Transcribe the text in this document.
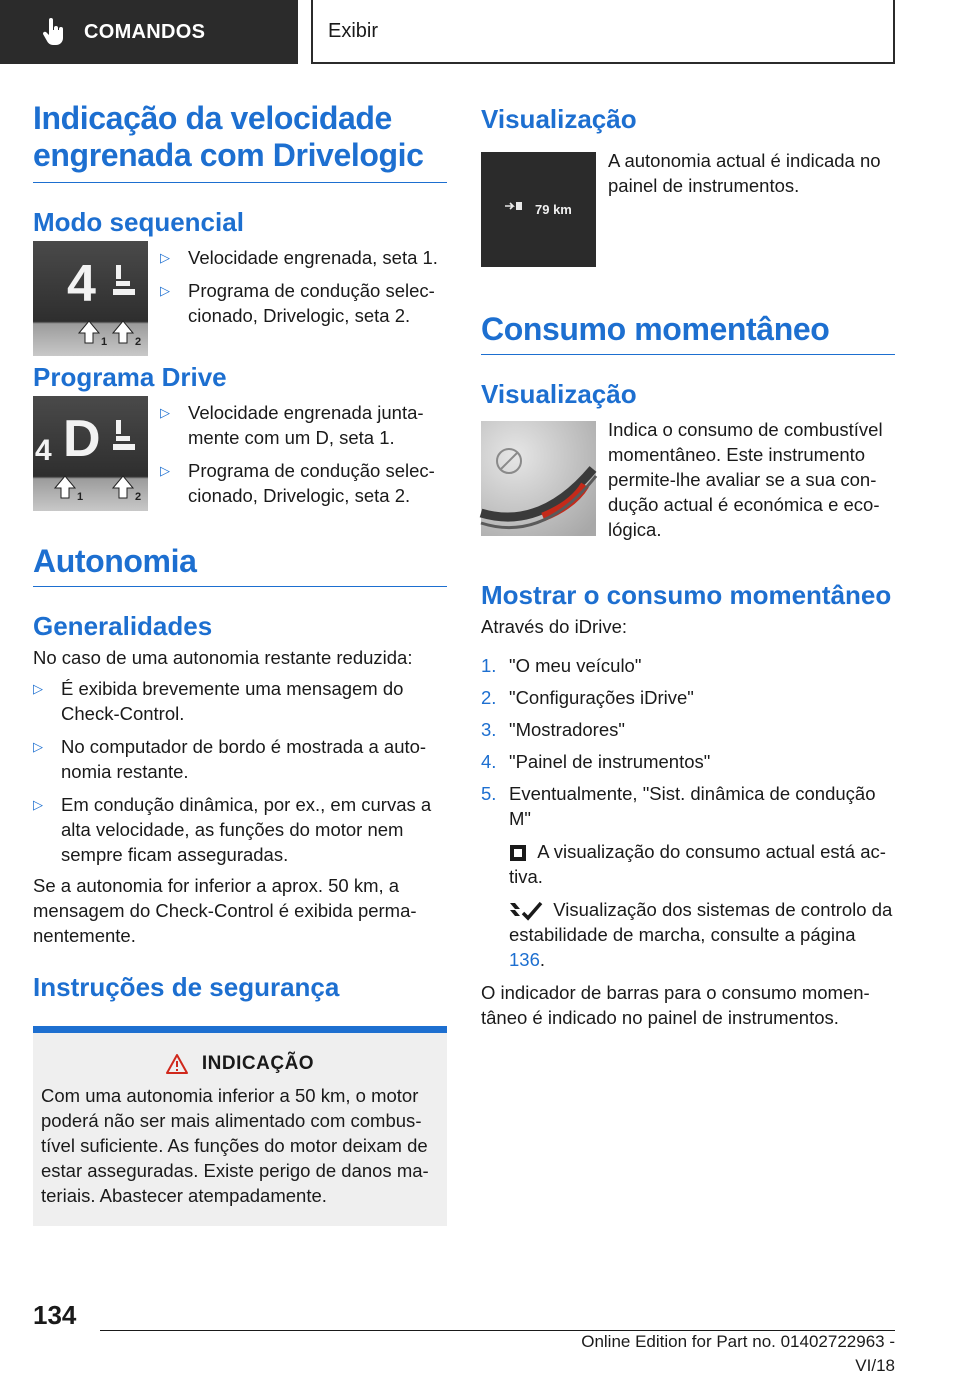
COMANDOS	Exibir
Indicação da velocidade engrenada com Drivelogic
Modo sequencial
4
1	2
▷ Velocidade engrenada, seta 1.
▷ Programa de condução seleccionado, Drivelogic, seta 2.
Programa Drive
4 D
1	2
▷ Velocidade engrenada juntamente com um D, seta 1.
▷ Programa de condução seleccionado, Drivelogic, seta 2.
Autonomia
Generalidades
No caso de uma autonomia restante reduzida:
▷ É exibida brevemente uma mensagem do Check-Control.
▷ No computador de bordo é mostrada a autonomia restante.
▷ Em condução dinâmica, por ex., em curvas a alta velocidade, as funções do motor nem sempre ficam asseguradas.
Se a autonomia for inferior a aprox. 50 km, a mensagem do Check-Control é exibida permanentemente.
Instruções de segurança
INDICAÇÃO
Com uma autonomia inferior a 50 km, o motor poderá não ser mais alimentado com combustível suficiente. As funções do motor deixam de estar asseguradas. Existe perigo de danos materiais. Abastecer atempadamente.
Visualização
79 km
A autonomia actual é indicada no painel de instrumentos.
Consumo momentâneo
Visualização
Indica o consumo de combustível momentâneo. Este instrumento permite-lhe avaliar se a sua condução actual é económica e ecológica.
Mostrar o consumo momentâneo
Através do iDrive:
1. "O meu veículo"
2. "Configurações iDrive"
3. "Mostradores"
4. "Painel de instrumentos"
5. Eventualmente, "Sist. dinâmica de condução M"
A visualização do consumo actual está activa.
Visualização dos sistemas de controlo da estabilidade de marcha, consulte a página 136.
O indicador de barras para o consumo momentâneo é indicado no painel de instrumentos.
134
Online Edition for Part no. 01402722963 - VI/18
